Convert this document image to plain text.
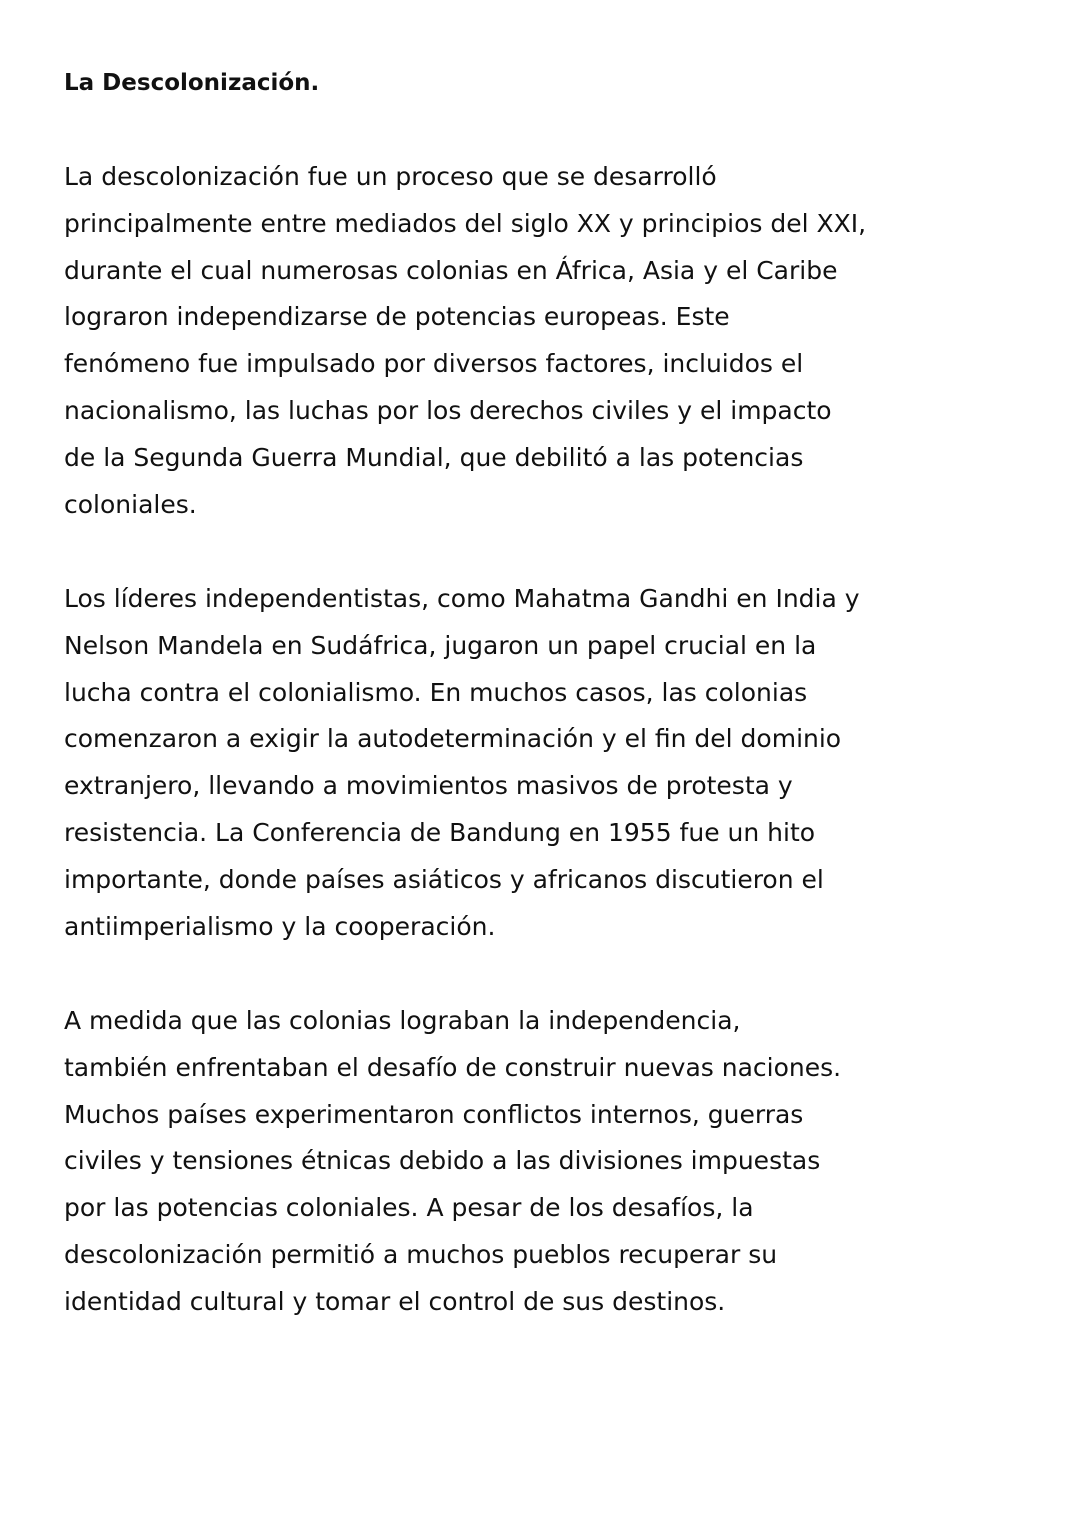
La Descolonización.

La descolonización fue un proceso que se desarrolló
principalmente entre mediados del siglo XX y principios del XXI,
durante el cual numerosas colonias en África, Asia y el Caribe
lograron independizarse de potencias europeas. Este
fenómeno fue impulsado por diversos factores, incluidos el
nacionalismo, las luchas por los derechos civiles y el impacto
de la Segunda Guerra Mundial, que debilitó a las potencias
coloniales.

Los líderes independentistas, como Mahatma Gandhi en India y
Nelson Mandela en Sudáfrica, jugaron un papel crucial en la
lucha contra el colonialismo. En muchos casos, las colonias
comenzaron a exigir la autodeterminación y el fin del dominio
extranjero, llevando a movimientos masivos de protesta y
resistencia. La Conferencia de Bandung en 1955 fue un hito
importante, donde países asiáticos y africanos discutieron el
antiimperialismo y la cooperación.

A medida que las colonias lograban la independencia,
también enfrentaban el desafío de construir nuevas naciones.
Muchos países experimentaron conflictos internos, guerras
civiles y tensiones étnicas debido a las divisiones impuestas
por las potencias coloniales. A pesar de los desafíos, la
descolonización permitió a muchos pueblos recuperar su
identidad cultural y tomar el control de sus destinos.
